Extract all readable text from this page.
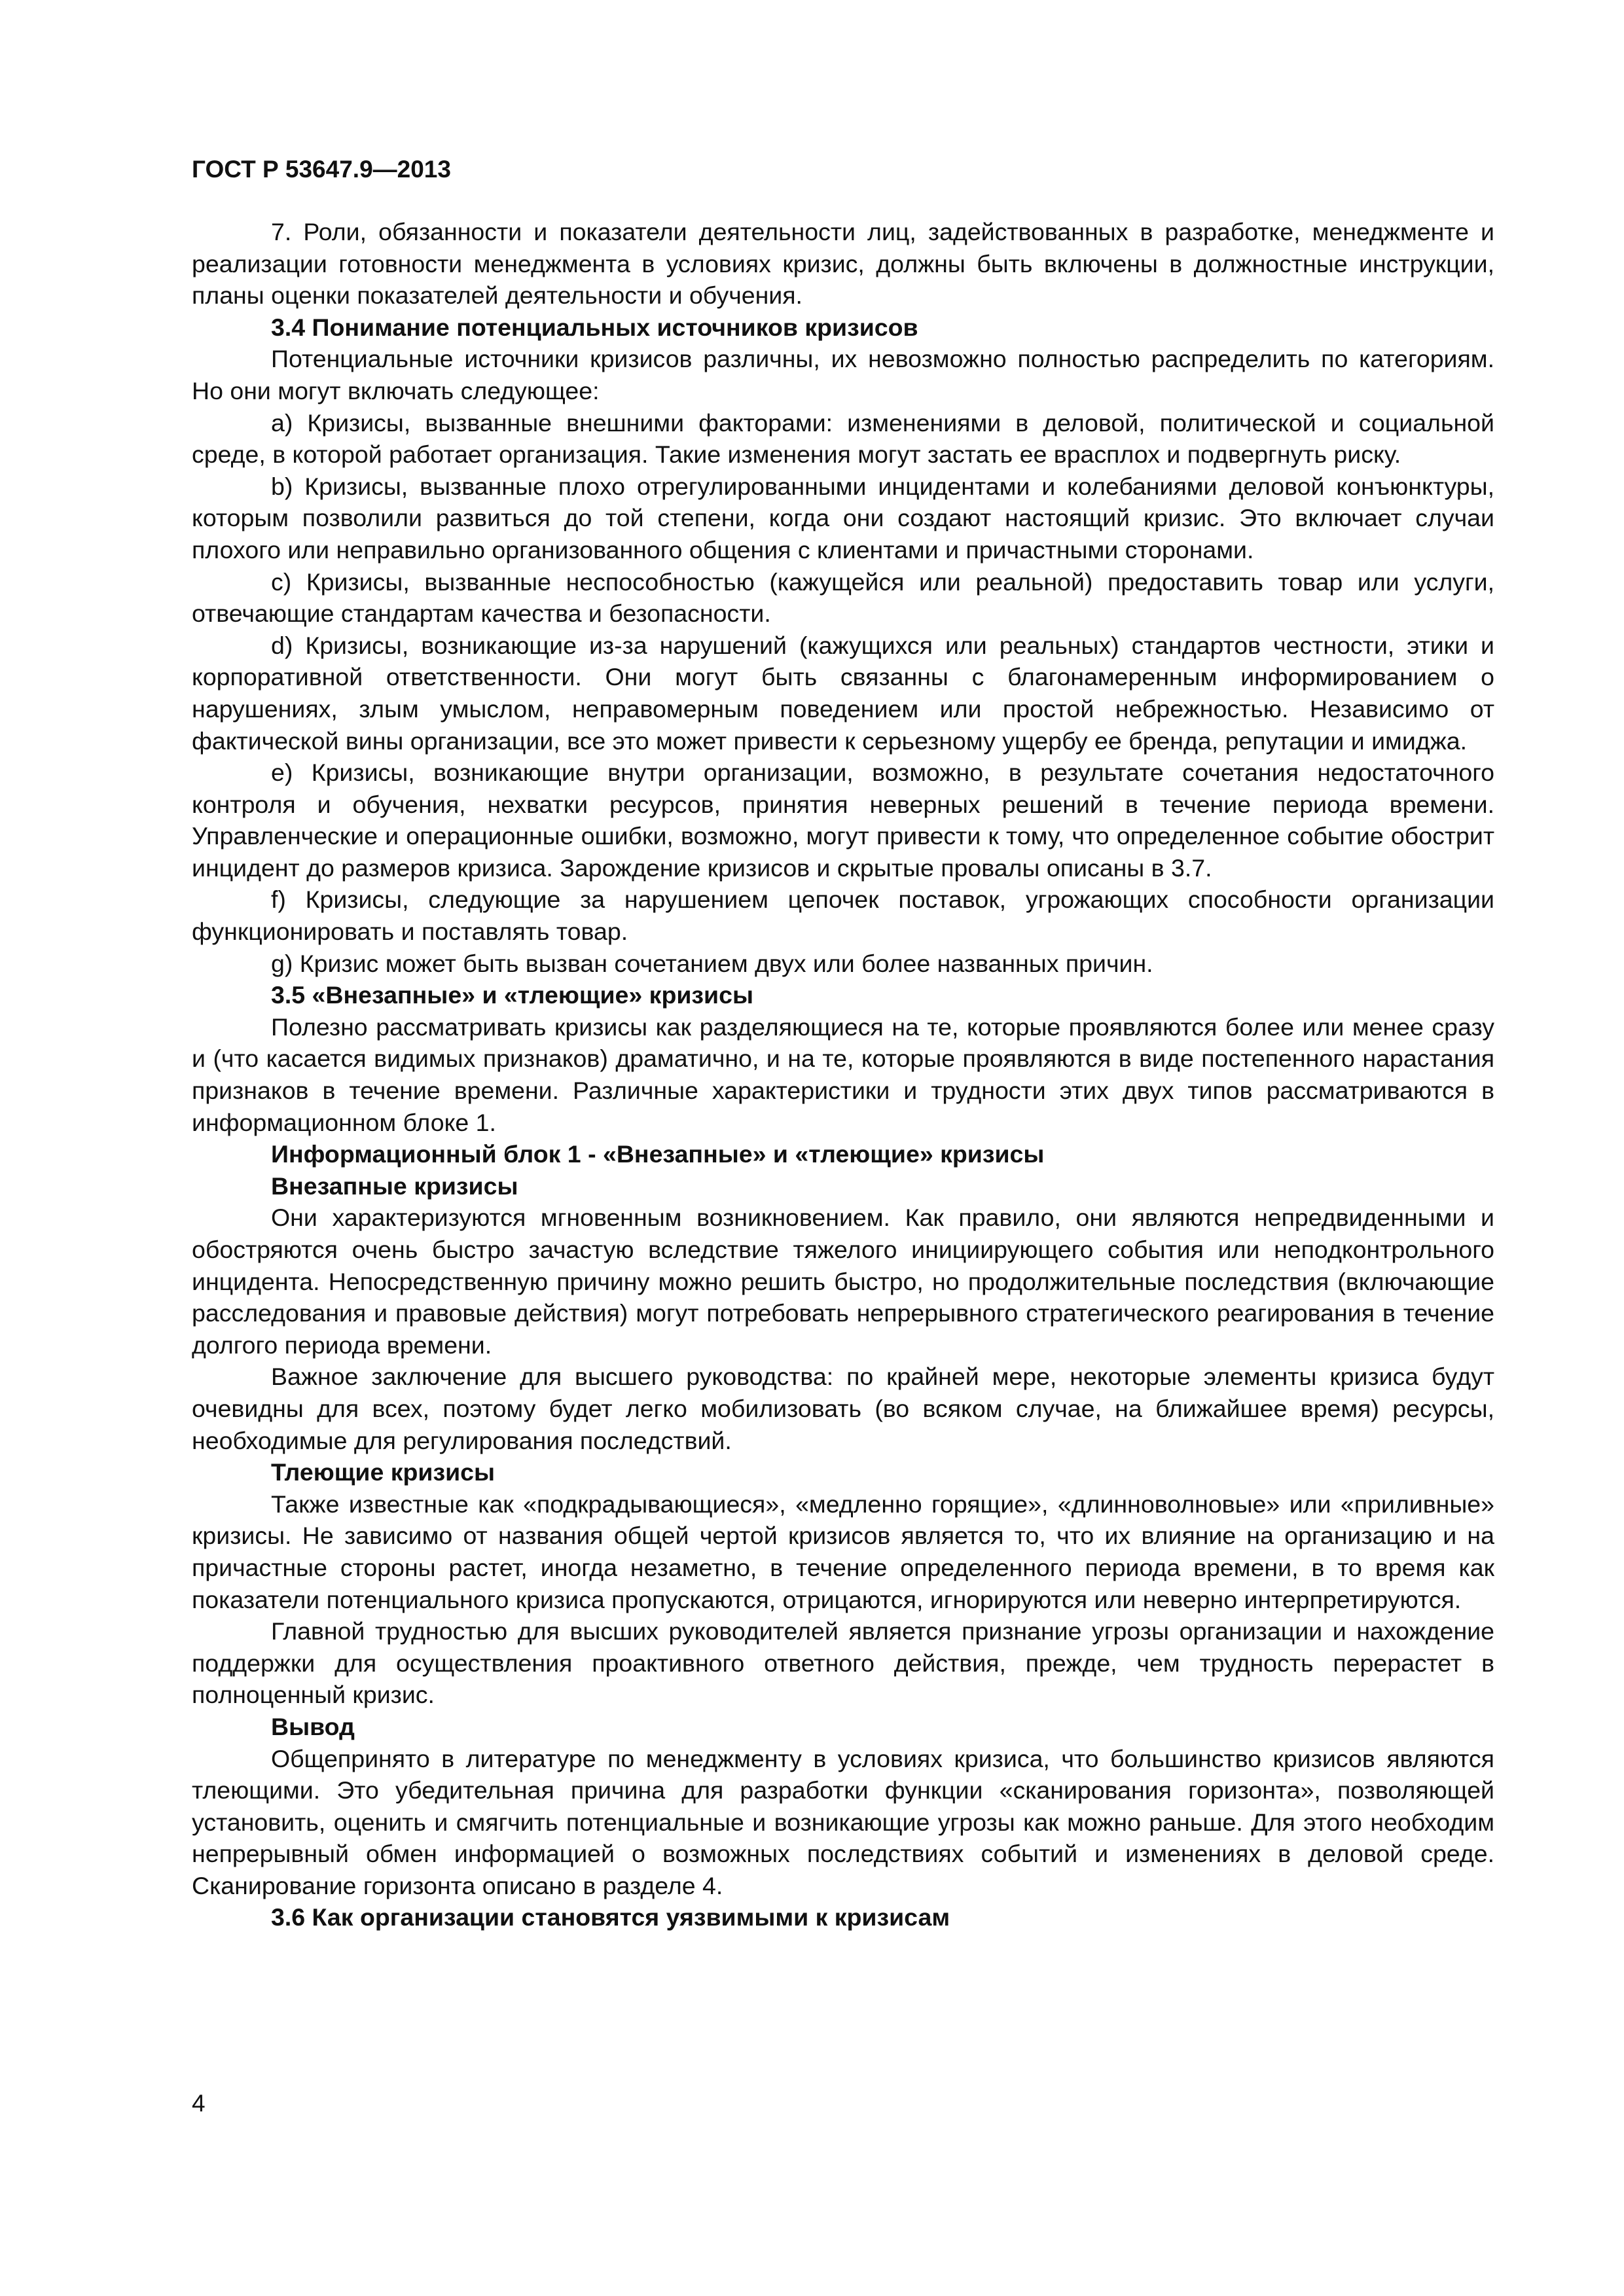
ГОСТ Р 53647.9—2013

7. Роли, обязанности и показатели деятельности лиц, задействованных в разработке, менеджменте и реализации готовности менеджмента в условиях кризис, должны быть включены в должностные инструкции, планы оценки показателей деятельности и обучения.

3.4 Понимание потенциальных источников кризисов

Потенциальные источники кризисов различны, их невозможно полностью распределить по категориям. Но они могут включать следующее:

a) Кризисы, вызванные внешними факторами: изменениями в деловой, политической и социальной среде, в которой работает организация. Такие изменения могут застать ее врасплох и подвергнуть риску.

b) Кризисы, вызванные плохо отрегулированными инцидентами и колебаниями деловой конъюнктуры, которым позволили развиться до той степени, когда они создают настоящий кризис. Это включает случаи плохого или неправильно организованного общения с клиентами и причастными сторонами.

c) Кризисы, вызванные неспособностью (кажущейся или реальной) предоставить товар или услуги, отвечающие стандартам качества и безопасности.

d) Кризисы, возникающие из-за нарушений (кажущихся или реальных) стандартов честности, этики и корпоративной ответственности. Они могут быть связанны с благонамеренным информированием о нарушениях, злым умыслом, неправомерным поведением или простой небрежностью. Независимо от фактической вины организации, все это может привести к серьезному ущербу ее бренда, репутации и имиджа.

e) Кризисы, возникающие внутри организации, возможно, в результате сочетания недостаточного контроля и обучения, нехватки ресурсов, принятия неверных решений в течение периода времени. Управленческие и операционные ошибки, возможно, могут привести к тому, что определенное событие обострит инцидент до размеров кризиса. Зарождение кризисов и скрытые провалы описаны в 3.7.

f) Кризисы, следующие за нарушением цепочек поставок, угрожающих способности организации функционировать и поставлять товар.

g) Кризис может быть вызван сочетанием двух или более названных причин.

3.5 «Внезапные» и «тлеющие» кризисы

Полезно рассматривать кризисы как разделяющиеся на те, которые проявляются более или менее сразу и (что касается видимых признаков) драматично, и на те, которые проявляются в виде постепенного нарастания признаков в течение времени. Различные характеристики и трудности этих двух типов рассматриваются в информационном блоке 1.

Информационный блок 1 - «Внезапные» и «тлеющие» кризисы
Внезапные кризисы

Они характеризуются мгновенным возникновением. Как правило, они являются непредвиденными и обостряются очень быстро зачастую вследствие тяжелого инициирующего события или неподконтрольного инцидента. Непосредственную причину можно решить быстро, но продолжительные последствия (включающие расследования и правовые действия) могут потребовать непрерывного стратегического реагирования в течение долгого периода времени.

Важное заключение для высшего руководства: по крайней мере, некоторые элементы кризиса будут очевидны для всех, поэтому будет легко мобилизовать (во всяком случае, на ближайшее время) ресурсы, необходимые для регулирования последствий.

Тлеющие кризисы

Также известные как «подкрадывающиеся», «медленно горящие», «длинноволновые» или «приливные» кризисы. Не зависимо от названия общей чертой кризисов является то, что их влияние на организацию и на причастные стороны растет, иногда незаметно, в течение определенного периода времени, в то время как показатели потенциального кризиса пропускаются, отрицаются, игнорируются или неверно интерпретируются.

Главной трудностью для высших руководителей является признание угрозы организации и нахождение поддержки для осуществления проактивного ответного действия, прежде, чем трудность перерастет в полноценный кризис.

Вывод

Общепринято в литературе по менеджменту в условиях кризиса, что большинство кризисов являются тлеющими. Это убедительная причина для разработки функции «сканирования горизонта», позволяющей установить, оценить и смягчить потенциальные и возникающие угрозы как можно раньше. Для этого необходим непрерывный обмен информацией о возможных последствиях событий и изменениях в деловой среде. Сканирование горизонта описано в разделе 4.

3.6 Как организации становятся уязвимыми к кризисам
4
